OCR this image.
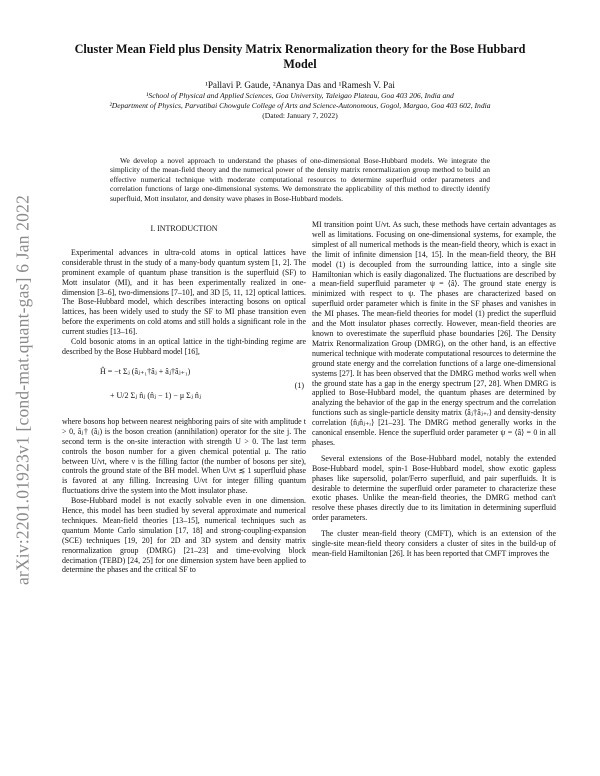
arXiv:2201.01923v1 [cond-mat.quant-gas] 6 Jan 2022
Cluster Mean Field plus Density Matrix Renormalization theory for the Bose Hubbard Model
¹Pallavi P. Gaude, ²Ananya Das and ¹Ramesh V. Pai
¹School of Physical and Applied Sciences, Goa University, Taleigao Plateau, Goa 403 206, India and
²Department of Physics, Parvatibai Chowgule College of Arts and Science-Autonomous, Gogol, Margao, Goa 403 602, India
(Dated: January 7, 2022)
We develop a novel approach to understand the phases of one-dimensional Bose-Hubbard models. We integrate the simplicity of the mean-field theory and the numerical power of the density matrix renormalization group method to build an effective numerical technique with moderate computational resources to determine superfluid order parameters and correlation functions of large one-dimensional systems. We demonstrate the applicability of this method to directly identify superfluid, Mott insulator, and density wave phases in Bose-Hubbard models.
I. INTRODUCTION

Experimental advances in ultra-cold atoms in optical lattices have considerable thrust in the study of a many-body quantum system [1, 2]. The prominent example of quantum phase transition is the superfluid (SF) to Mott insulator (MI), and it has been experimentally realized in one-dimension [3–6], two-dimensions [7–10], and 3D [5, 11, 12] optical lattices. The Bose-Hubbard model, which describes interacting bosons on optical lattices, has been widely used to study the SF to MI phase transition even before the experiments on cold atoms and still holds a significant role in the current studies [13–16].

Cold bosonic atoms in an optical lattice in the tight-binding regime are described by the Bose Hubbard model [16],

Ĥ = −t Σⱼ (âⱼ₊₁†âⱼ + âⱼ†âⱼ₊₁)
+ U/2 Σⱼ n̂ⱼ (n̂ⱼ − 1) − μ Σⱼ n̂ⱼ
(1)

where bosons hop between nearest neighboring pairs of site with amplitude t > 0, âⱼ† (âⱼ) is the boson creation (annihilation) operator for the site j. The second term is the on-site interaction with strength U > 0. The last term controls the boson number for a given chemical potential μ. The ratio between U/νt, where ν is the filling factor (the number of bosons per site), controls the ground state of the BH model. When U/νt ≲ 1 superfluid phase is favored at any filling. Increasing U/νt for integer filling quantum fluctuations drive the system into the Mott insulator phase.

Bose-Hubbard model is not exactly solvable even in one dimension. Hence, this model has been studied by several approximate and numerical techniques. Mean-field theories [13–15], numerical techniques such as quantum Monte Carlo simulation [17, 18] and strong-coupling-expansion (SCE) techniques [19, 20] for 2D and 3D system and density matrix renormalization group (DMRG) [21–23] and time-evolving block decimation (TEBD) [24, 25] for one dimension system have been applied to determine the phases and the critical SF to

MI transition point U/νt. As such, these methods have certain advantages as well as limitations. Focusing on one-dimensional systems, for example, the simplest of all numerical methods is the mean-field theory, which is exact in the limit of infinite dimension [14, 15]. In the mean-field theory, the BH model (1) is decoupled from the surrounding lattice, into a single site Hamiltonian which is easily diagonalized. The fluctuations are described by a mean-field superfluid parameter ψ = ⟨â⟩. The ground state energy is minimized with respect to ψ. The phases are characterized based on superfluid order parameter which is finite in the SF phases and vanishes in the MI phases. The mean-field theories for model (1) predict the superfluid and the Mott insulator phases correctly. However, mean-field theories are known to overestimate the superfluid phase boundaries [26]. The Density Matrix Renormalization Group (DMRG), on the other hand, is an effective numerical technique with moderate computational resources to determine the ground state energy and the correlation functions of a large one-dimensional systems [27]. It has been observed that the DMRG method works well when the ground state has a gap in the energy spectrum [27, 28]. When DMRG is applied to Bose-Hubbard model, the quantum phases are determined by analyzing the behavior of the gap in the energy spectrum and the correlation functions such as single-particle density matrix ⟨âⱼ†âⱼ₊ᵣ⟩ and density-density correlation ⟨n̂ⱼn̂ⱼ₊ᵣ⟩ [21–23]. The DMRG method generally works in the canonical ensemble. Hence the superfluid order parameter ψ = ⟨â⟩ = 0 in all phases.

Several extensions of the Bose-Hubbard model, notably the extended Bose-Hubbard model, spin-1 Bose-Hubbard model, show exotic gapless phases like supersolid, polar/Ferro superfluid, and pair superfluids. It is desirable to determine the superfluid order parameter to characterize these exotic phases. Unlike the mean-field theories, the DMRG method can't resolve these phases directly due to its limitation in determining superfluid order parameters.

The cluster mean-field theory (CMFT), which is an extension of the single-site mean-field theory considers a cluster of sites in the build-up of mean-field Hamiltonian [26]. It has been reported that CMFT improves the
